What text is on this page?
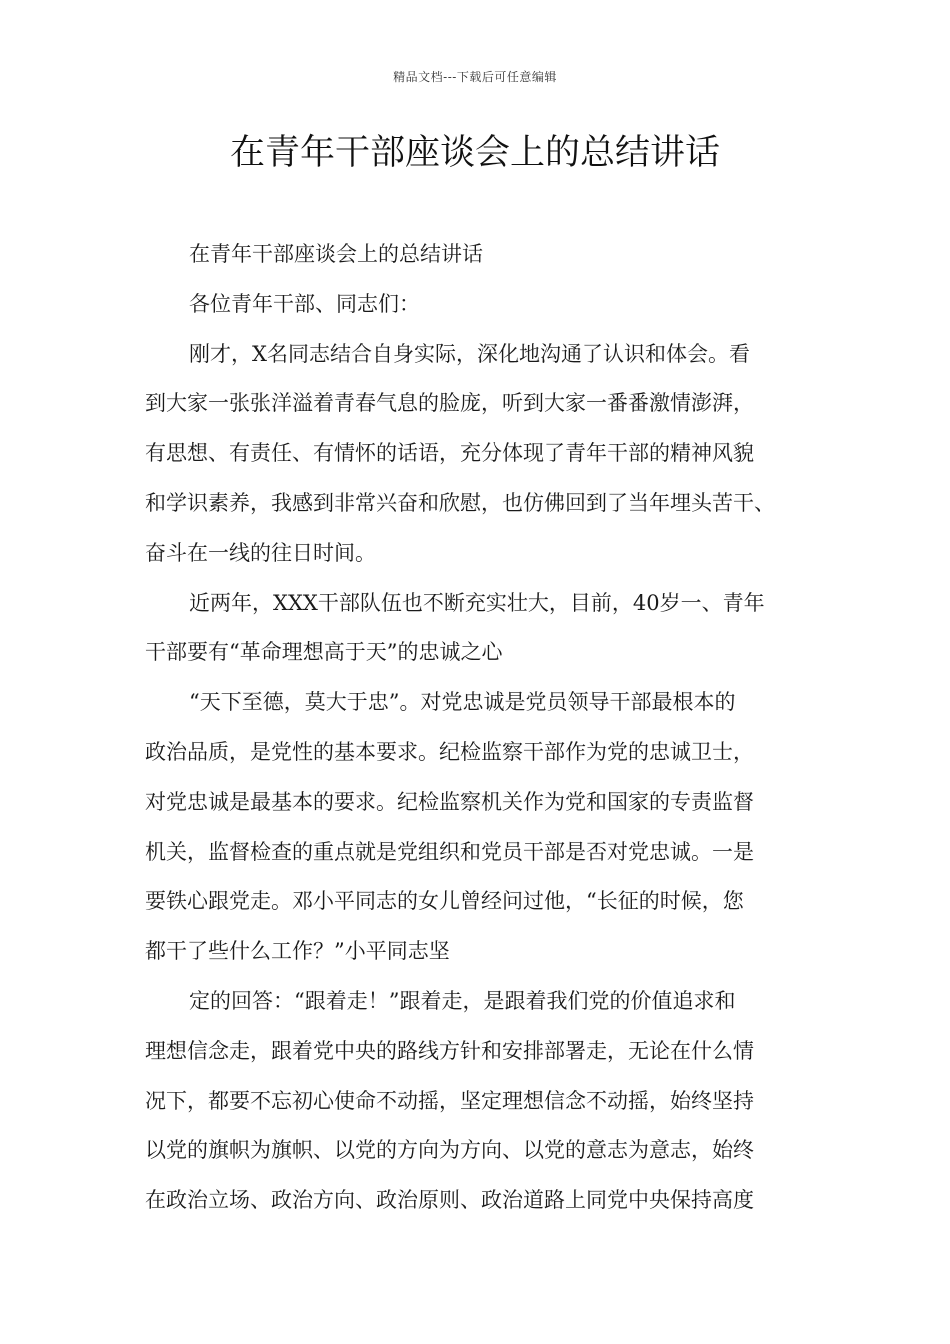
精品文档---下载后可任意编辑
在青年干部座谈会上的总结讲话
在青年干部座谈会上的总结讲话
各位青年干部、同志们：
刚才，X名同志结合自身实际，深化地沟通了认识和体会。看
到大家一张张洋溢着青春气息的脸庞，听到大家一番番激情澎湃，
有思想、有责任、有情怀的话语，充分体现了青年干部的精神风貌
和学识素养，我感到非常兴奋和欣慰，也仿佛回到了当年埋头苦干、
奋斗在一线的往日时间。
近两年，XXX干部队伍也不断充实壮大，目前，40岁一、青年
干部要有“革命理想高于天”的忠诚之心
“天下至德，莫大于忠”。对党忠诚是党员领导干部最根本的
政治品质，是党性的基本要求。纪检监察干部作为党的忠诚卫士，
对党忠诚是最基本的要求。纪检监察机关作为党和国家的专责监督
机关，监督检查的重点就是党组织和党员干部是否对党忠诚。一是
要铁心跟党走。邓小平同志的女儿曾经问过他，“长征的时候，您
都干了些什么工作？”小平同志坚
定的回答：“跟着走！”跟着走，是跟着我们党的价值追求和
理想信念走，跟着党中央的路线方针和安排部署走，无论在什么情
况下，都要不忘初心使命不动摇，坚定理想信念不动摇，始终坚持
以党的旗帜为旗帜、以党的方向为方向、以党的意志为意志，始终
在政治立场、政治方向、政治原则、政治道路上同党中央保持高度
